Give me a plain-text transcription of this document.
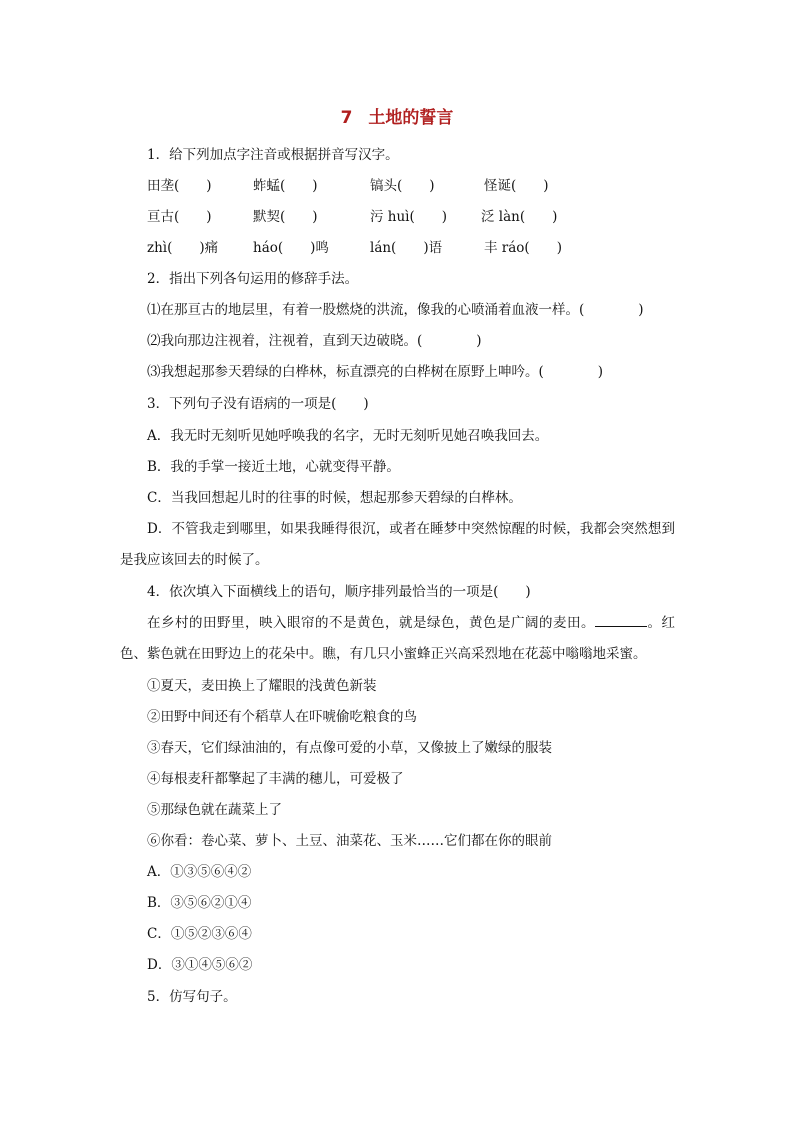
7 土地的誓言
1．给下列加点字注音或根据拼音写汉字。
田垄(　　)	蚱蜢(　　)	镐头(　　)	怪诞(　　)
亘古(　　)	默契(　　)	污 huì(　　)	泛 làn(　　)
zhì(　　)痛	háo(　　)鸣	lán(　　)语	丰 ráo(　　)
2．指出下列各句运用的修辞手法。
⑴在那亘古的地层里，有着一股燃烧的洪流，像我的心喷涌着血液一样。(　　　　)
⑵我向那边注视着，注视着，直到天边破晓。(　　　　)
⑶我想起那参天碧绿的白桦林，标直漂亮的白桦树在原野上呻吟。(　　　　)
3．下列句子没有语病的一项是(　　)
A．我无时无刻听见她呼唤我的名字，无时无刻听见她召唤我回去。
B．我的手掌一接近土地，心就变得平静。
C．当我回想起儿时的往事的时候，想起那参天碧绿的白桦林。
D．不管我走到哪里，如果我睡得很沉，或者在睡梦中突然惊醒的时候，我都会突然想到是我应该回去的时候了。
4．依次填入下面横线上的语句，顺序排列最恰当的一项是(　　)
在乡村的田野里，映入眼帘的不是黄色，就是绿色，黄色是广阔的麦田。	。红色、紫色就在田野边上的花朵中。瞧，有几只小蜜蜂正兴高采烈地在花蕊中嗡嗡地采蜜。
①夏天，麦田换上了耀眼的浅黄色新装
②田野中间还有个稻草人在吓唬偷吃粮食的鸟
③春天，它们绿油油的，有点像可爱的小草，又像披上了嫩绿的服装
④每根麦秆都擎起了丰满的穗儿，可爱极了
⑤那绿色就在蔬菜上了
⑥你看：卷心菜、萝卜、土豆、油菜花、玉米……它们都在你的眼前
A．①③⑤⑥④②
B．③⑤⑥②①④
C．①⑤②③⑥④
D．③①④⑤⑥②
5．仿写句子。
